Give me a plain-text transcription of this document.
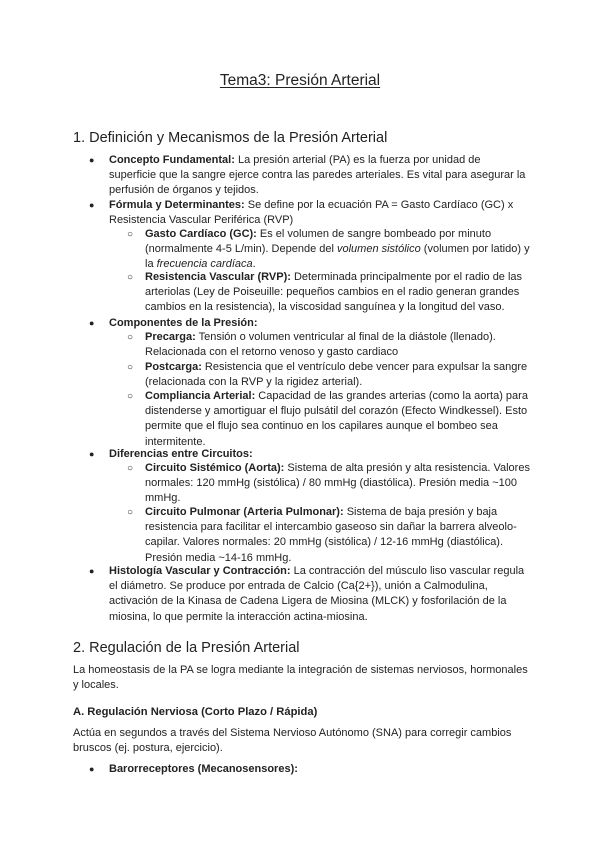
Tema3: Presión Arterial
1. Definición y Mecanismos de la Presión Arterial
● Concepto Fundamental: La presión arterial (PA) es la fuerza por unidad de superficie que la sangre ejerce contra las paredes arteriales. Es vital para asegurar la perfusión de órganos y tejidos.
● Fórmula y Determinantes: Se define por la ecuación PA = Gasto Cardíaco (GC) x Resistencia Vascular Periférica (RVP)
○ Gasto Cardíaco (GC): Es el volumen de sangre bombeado por minuto (normalmente 4-5 L/min). Depende del volumen sistólico (volumen por latido) y la frecuencia cardíaca.
○ Resistencia Vascular (RVP): Determinada principalmente por el radio de las arteriolas (Ley de Poiseuille: pequeños cambios en el radio generan grandes cambios en la resistencia), la viscosidad sanguínea y la longitud del vaso.
● Componentes de la Presión:
○ Precarga: Tensión o volumen ventricular al final de la diástole (llenado). Relacionada con el retorno venoso y gasto cardiaco
○ Postcarga: Resistencia que el ventrículo debe vencer para expulsar la sangre (relacionada con la RVP y la rigidez arterial).
○ Compliancia Arterial: Capacidad de las grandes arterias (como la aorta) para distenderse y amortiguar el flujo pulsátil del corazón (Efecto Windkessel). Esto permite que el flujo sea continuo en los capilares aunque el bombeo sea intermitente.
● Diferencias entre Circuitos:
○ Circuito Sistémico (Aorta): Sistema de alta presión y alta resistencia. Valores normales: 120 mmHg (sistólica) / 80 mmHg (diastólica). Presión media ~100 mmHg.
○ Circuito Pulmonar (Arteria Pulmonar): Sistema de baja presión y baja resistencia para facilitar el intercambio gaseoso sin dañar la barrera alveolo-capilar. Valores normales: 20 mmHg (sistólica) / 12-16 mmHg (diastólica). Presión media ~14-16 mmHg.
● Histología Vascular y Contracción: La contracción del músculo liso vascular regula el diámetro. Se produce por entrada de Calcio (Ca{2+}), unión a Calmodulina, activación de la Kinasa de Cadena Ligera de Miosina (MLCK) y fosforilación de la miosina, lo que permite la interacción actina-miosina.
2. Regulación de la Presión Arterial

La homeostasis de la PA se logra mediante la integración de sistemas nerviosos, hormonales y locales.

A. Regulación Nerviosa (Corto Plazo / Rápida)

Actúa en segundos a través del Sistema Nervioso Autónomo (SNA) para corregir cambios bruscos (ej. postura, ejercicio).

● Barorreceptores (Mecanosensores):
